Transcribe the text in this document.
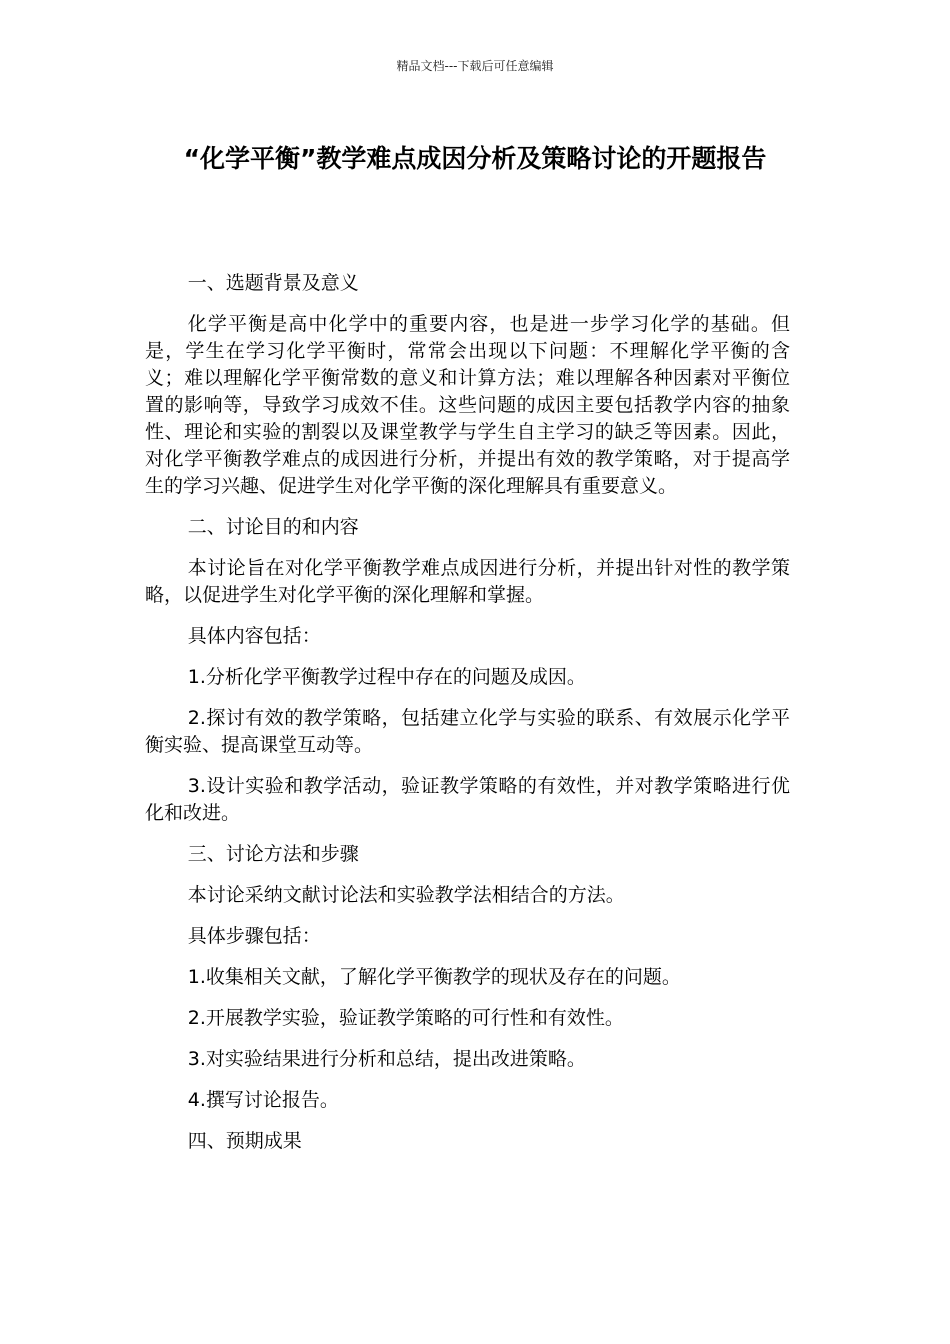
精品文档---下载后可任意编辑
“化学平衡”教学难点成因分析及策略讨论的开题报告

一、选题背景及意义

化学平衡是高中化学中的重要内容，也是进一步学习化学的基础。但是，学生在学习化学平衡时，常常会出现以下问题：不理解化学平衡的含义；难以理解化学平衡常数的意义和计算方法；难以理解各种因素对平衡位置的影响等，导致学习成效不佳。这些问题的成因主要包括教学内容的抽象性、理论和实验的割裂以及课堂教学与学生自主学习的缺乏等因素。因此，对化学平衡教学难点的成因进行分析，并提出有效的教学策略，对于提高学生的学习兴趣、促进学生对化学平衡的深化理解具有重要意义。

二、讨论目的和内容

本讨论旨在对化学平衡教学难点成因进行分析，并提出针对性的教学策略，以促进学生对化学平衡的深化理解和掌握。

具体内容包括：

1.分析化学平衡教学过程中存在的问题及成因。

2.探讨有效的教学策略，包括建立化学与实验的联系、有效展示化学平衡实验、提高课堂互动等。

3.设计实验和教学活动，验证教学策略的有效性，并对教学策略进行优化和改进。

三、讨论方法和步骤

本讨论采纳文献讨论法和实验教学法相结合的方法。

具体步骤包括：

1.收集相关文献，了解化学平衡教学的现状及存在的问题。

2.开展教学实验，验证教学策略的可行性和有效性。

3.对实验结果进行分析和总结，提出改进策略。

4.撰写讨论报告。

四、预期成果
